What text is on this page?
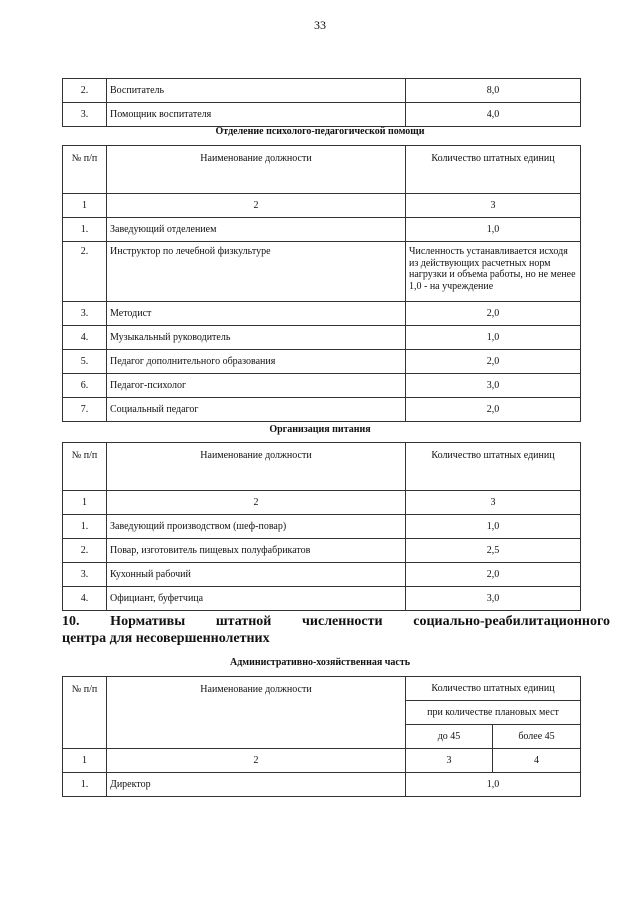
33
2.	Воспитатель	8,0
3.	Помощник воспитателя	4,0
Отделение психолого-педагогической помощи
№ п/п	Наименование должности	Количество штатных единиц
1	2	3
1.	Заведующий отделением	1,0
2.	Инструктор по лечебной физкультуре	Численность устанавливается исходя из действующих расчетных норм нагрузки и объема работы, но не менее 1,0 - на учреждение
3.	Методист	2,0
4.	Музыкальный руководитель	1,0
5.	Педагог дополнительного образования	2,0
6.	Педагог-психолог	3,0
7.	Социальный педагог	2,0
Организация питания
№ п/п	Наименование должности	Количество штатных единиц
1	2	3
1.	Заведующий производством (шеф-повар)	1,0
2.	Повар, изготовитель пищевых полуфабрикатов	2,5
3.	Кухонный рабочий	2,0
4.	Официант, буфетчица	3,0
10. Нормативы штатной численности социально-реабилитационного
центра для несовершеннолетних
Административно-хозяйственная часть
№ п/п	Наименование должности	Количество штатных единиц	
		при количестве плановых мест	
		до 45	более 45
1	2	3	4
1.	Директор	1,0	
